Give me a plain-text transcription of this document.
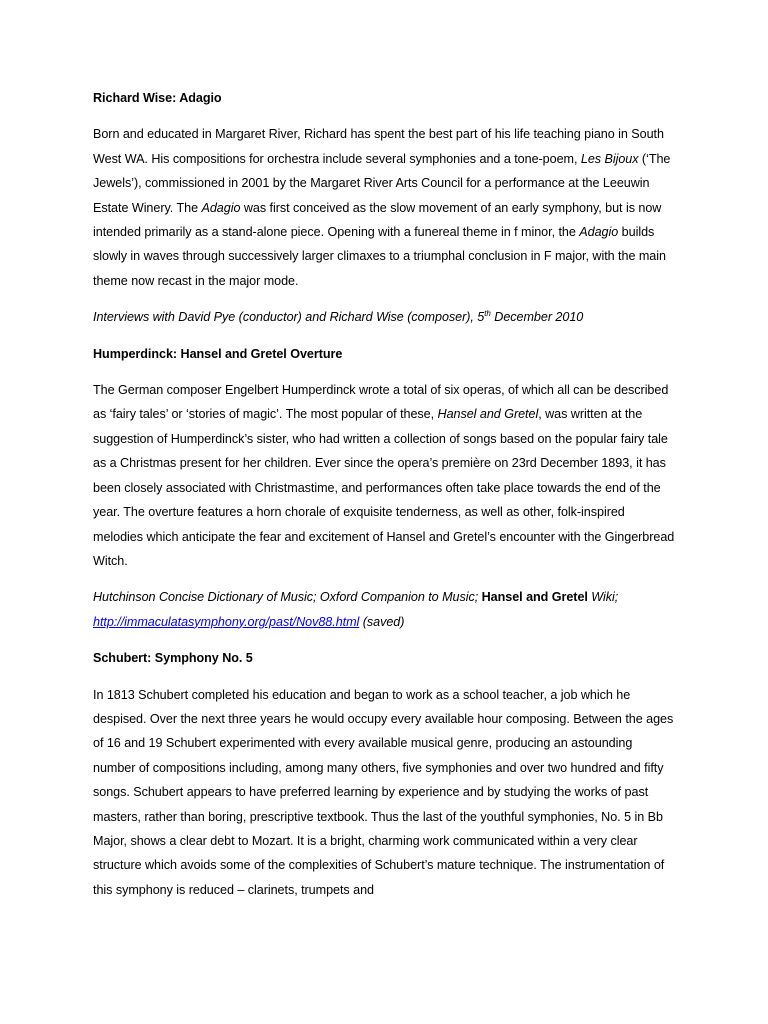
Richard Wise: Adagio

Born and educated in Margaret River, Richard has spent the best part of his life teaching piano in South West WA. His compositions for orchestra include several symphonies and a tone-poem, Les Bijoux (‘The Jewels’), commissioned in 2001 by the Margaret River Arts Council for a performance at the Leeuwin Estate Winery. The Adagio was first conceived as the slow movement of an early symphony, but is now intended primarily as a stand-alone piece. Opening with a funereal theme in f minor, the Adagio builds slowly in waves through successively larger climaxes to a triumphal conclusion in F major, with the main theme now recast in the major mode.

Interviews with David Pye (conductor) and Richard Wise (composer), 5th December 2010

Humperdinck: Hansel and Gretel Overture

The German composer Engelbert Humperdinck wrote a total of six operas, of which all can be described as ‘fairy tales’ or ‘stories of magic’. The most popular of these, Hansel and Gretel, was written at the suggestion of Humperdinck’s sister, who had written a collection of songs based on the popular fairy tale as a Christmas present for her children. Ever since the opera’s première on 23rd December 1893, it has been closely associated with Christmastime, and performances often take place towards the end of the year. The overture features a horn chorale of exquisite tenderness, as well as other, folk-inspired melodies which anticipate the fear and excitement of Hansel and Gretel’s encounter with the Gingerbread Witch.

Hutchinson Concise Dictionary of Music; Oxford Companion to Music; Hansel and Gretel Wiki; http://immaculatasymphony.org/past/Nov88.html (saved)

Schubert: Symphony No. 5

In 1813 Schubert completed his education and began to work as a school teacher, a job which he despised. Over the next three years he would occupy every available hour composing. Between the ages of 16 and 19 Schubert experimented with every available musical genre, producing an astounding number of compositions including, among many others, five symphonies and over two hundred and fifty songs. Schubert appears to have preferred learning by experience and by studying the works of past masters, rather than boring, prescriptive textbook. Thus the last of the youthful symphonies, No. 5 in Bb Major, shows a clear debt to Mozart. It is a bright, charming work communicated within a very clear structure which avoids some of the complexities of Schubert’s mature technique. The instrumentation of this symphony is reduced – clarinets, trumpets and
